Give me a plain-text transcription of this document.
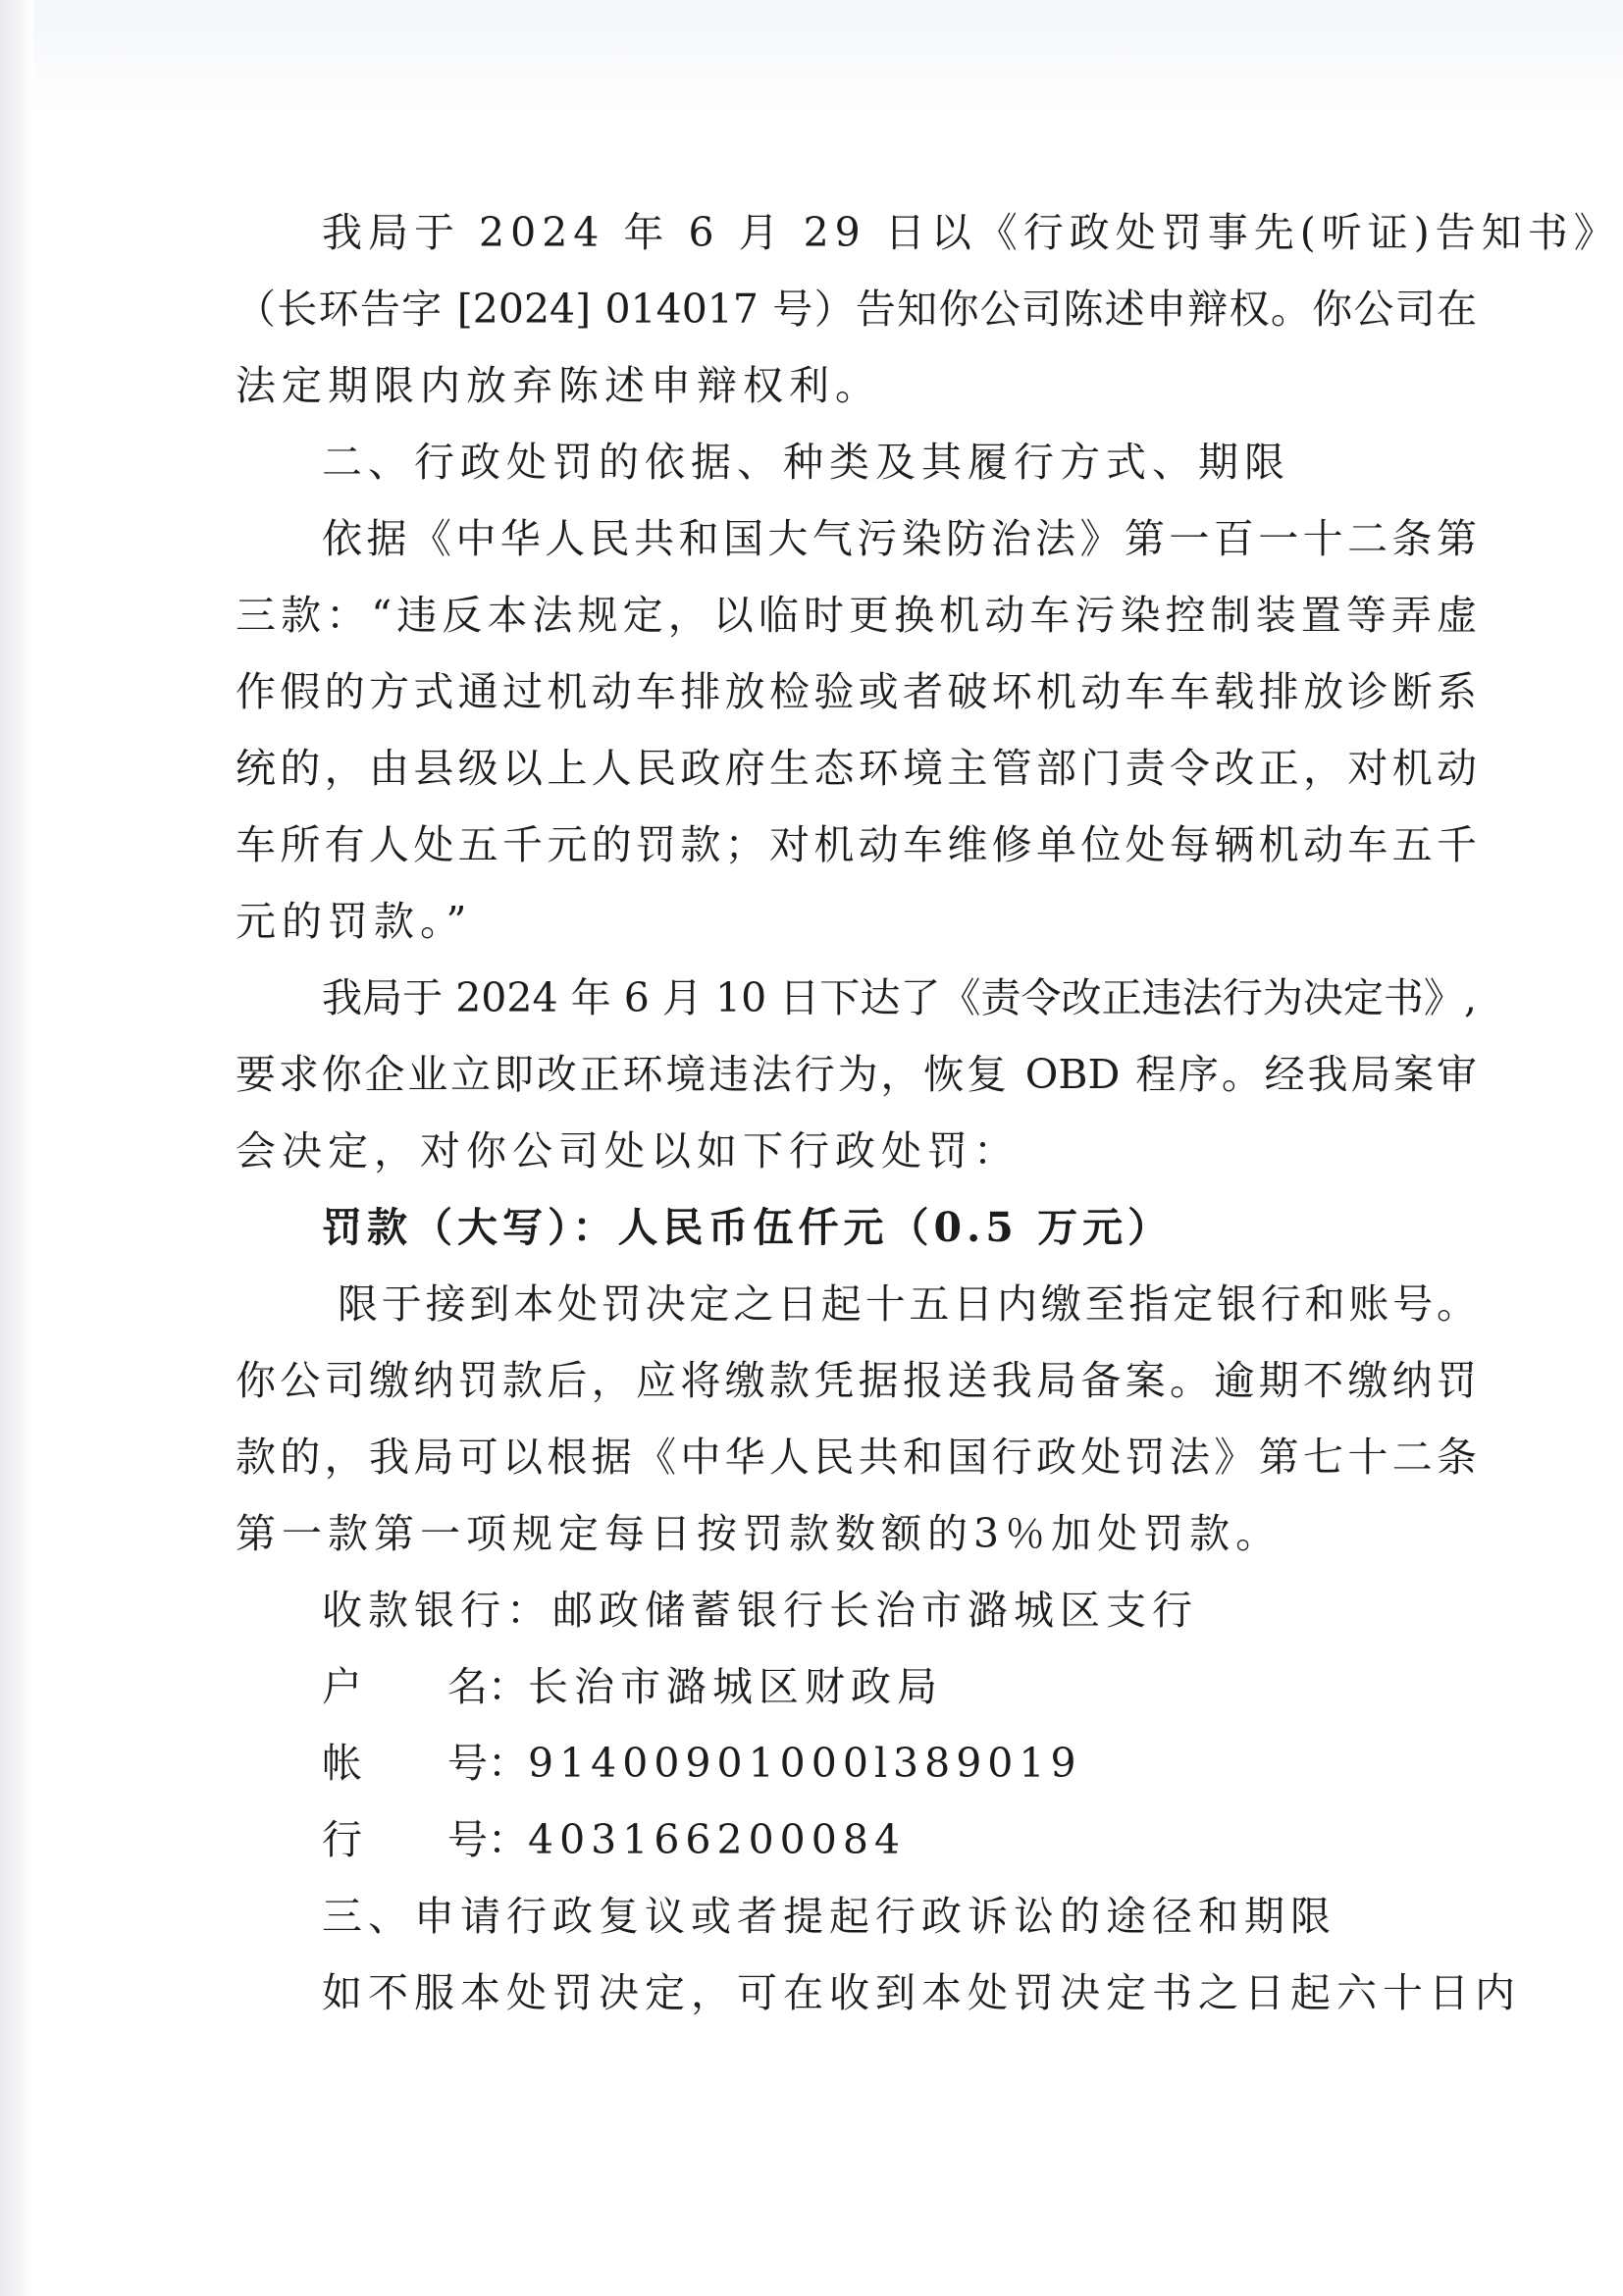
我局于 2024 年 6 月 29 日以《行政处罚事先(听证)告知书》
（长环告字 [2024] 014017 号）告知你公司陈述申辩权。你公司在
法定期限内放弃陈述申辩权利。
二、行政处罚的依据、种类及其履行方式、期限
依据《中华人民共和国大气污染防治法》第一百一十二条第
三款：“违反本法规定，以临时更换机动车污染控制装置等弄虚
作假的方式通过机动车排放检验或者破坏机动车车载排放诊断系
统的，由县级以上人民政府生态环境主管部门责令改正，对机动
车所有人处五千元的罚款；对机动车维修单位处每辆机动车五千
元的罚款。”
我局于 2024 年 6 月 10 日下达了《责令改正违法行为决定书》,
要求你企业立即改正环境违法行为，恢复 OBD 程序。经我局案审
会决定，对你公司处以如下行政处罚：
罚款（大写）：人民币伍仟元（0.5 万元）
限于接到本处罚决定之日起十五日内缴至指定银行和账号。
你公司缴纳罚款后，应将缴款凭据报送我局备案。逾期不缴纳罚
款的，我局可以根据《中华人民共和国行政处罚法》第七十二条
第一款第一项规定每日按罚款数额的3％加处罚款。
收款银行：邮政储蓄银行长治市潞城区支行
户 名：长治市潞城区财政局
帐 号：91400901000l389019
行 号：403166200084
三、申请行政复议或者提起行政诉讼的途径和期限
如不服本处罚决定，可在收到本处罚决定书之日起六十日内
